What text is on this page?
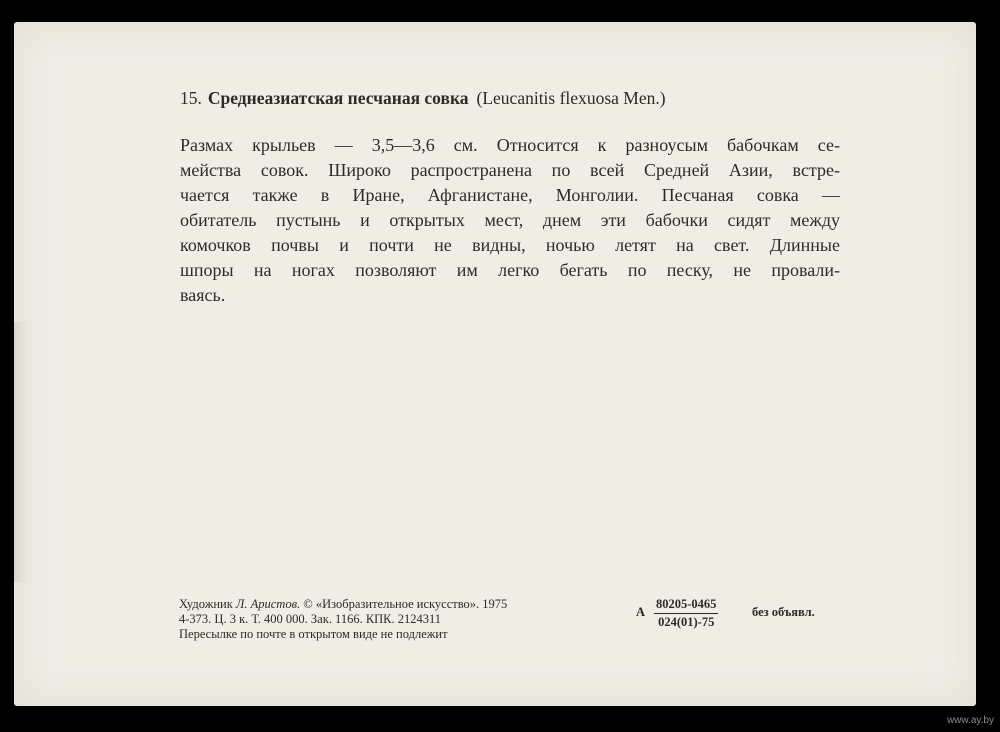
15. Среднеазиатская песчаная совка (Leucanitis flexuosa Men.)
Размах крыльев — 3,5—3,6 см. Относится к разноусым бабочкам се-
мейства совок. Широко распространена по всей Средней Азии, встре-
чается также в Иране, Афганистане, Монголии. Песчаная совка —
обитатель пустынь и открытых мест, днем эти бабочки сидят между
комочков почвы и почти не видны, ночью летят на свет. Длинные
шпоры на ногах позволяют им легко бегать по песку, не провали-
ваясь.
Художник Л. Аристов. © «Изобразительное искусство». 1975
4-373. Ц. 3 к. Т. 400 000. Зак. 1166. КПК. 2124311
Пересылке по почте в открытом виде не подлежит
А $\frac{80205-0465}{024(01)-75}$	без объявл.
www.ay.by
